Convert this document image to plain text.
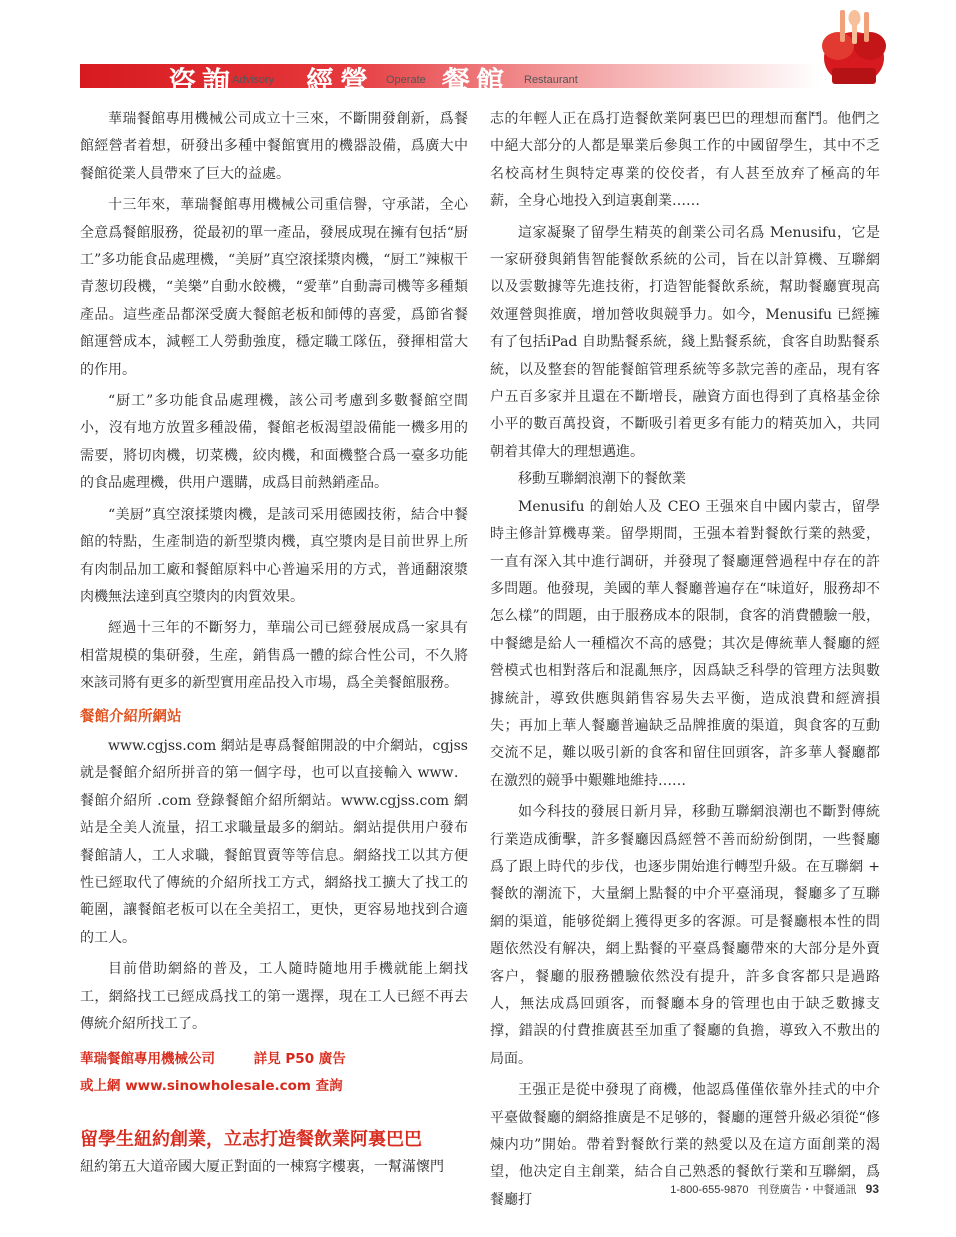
咨詢
Advisory 經營 Operate 餐館 Restaurant

華瑞餐館專用機械公司成立十三來，不斷開發創新，爲餐館經營者着想，研發出多種中餐館實用的機器設備，爲廣大中餐館從業人員帶來了巨大的益處。

十三年來，華瑞餐館專用機械公司重信譽，守承諾，全心全意爲餐館服務，從最初的單一產品，發展成現在擁有包括“厨工”多功能食品處理機，“美厨”真空滾揉漿肉機，“厨工”辣椒干青葱切段機，“美樂”自動水餃機，“愛華”自動壽司機等多種類產品。這些產品都深受廣大餐館老板和師傅的喜愛，爲節省餐館運營成本，減輕工人勞動強度，穩定職工隊伍，發揮相當大的作用。

“厨工”多功能食品處理機，該公司考慮到多數餐館空間小，沒有地方放置多種設備，餐館老板渴望設備能一機多用的需要，將切肉機，切菜機，絞肉機，和面機整合爲一臺多功能的食品處理機，供用户選購，成爲目前熱銷產品。

“美厨”真空滾揉漿肉機，是該司采用德國技術，結合中餐館的特點，生產制造的新型漿肉機，真空漿肉是目前世界上所有肉制品加工廠和餐館原料中心普遍采用的方式，普通翻滾漿肉機無法達到真空漿肉的肉質效果。

經過十三年的不斷努力，華瑞公司已經發展成爲一家具有相當規模的集研發，生産，銷售爲一體的綜合性公司，不久將來該司將有更多的新型實用産品投入市場，爲全美餐館服務。

餐館介紹所網站

www.cgjss.com 網站是專爲餐館開設的中介網站，cgjss就是餐館介紹所拼音的第一個字母，也可以直接輸入 www．餐館介紹所 .com 登錄餐館介紹所網站。www.cgjss.com 網站是全美人流量，招工求職量最多的網站。網站提供用户發布餐館請人，工人求職，餐館買賣等等信息。網絡找工以其方便性已經取代了傳統的介紹所找工方式，網絡找工擴大了找工的範圍，讓餐館老板可以在全美招工，更快，更容易地找到合適的工人。

目前借助網絡的普及，工人隨時隨地用手機就能上網找工，網絡找工已經成爲找工的第一選擇，現在工人已經不再去傳統介紹所找工了。

華瑞餐館專用機械公司	詳見 P50 廣告
或上網 www.sinowholesale.com 查詢
留學生紐約創業，立志打造餐飲業阿裏巴巴

紐約第五大道帝國大厦正對面的一棟寫字樓裏，一幫滿懷門

志的年輕人正在爲打造餐飲業阿裏巴巴的理想而奮鬥。他們之中絕大部分的人都是畢業后參與工作的中國留學生，其中不乏名校高材生與特定專業的佼佼者，有人甚至放弃了極高的年薪，全身心地投入到這裏創業……

這家凝聚了留學生精英的創業公司名爲 Menusifu，它是一家研發與銷售智能餐飲系統的公司，旨在以計算機、互聯網以及雲數據等先進技術，打造智能餐飲系統，幫助餐廳實現高效運營與推廣，增加營收與競爭力。如今，Menusifu 已經擁有了包括iPad 自助點餐系統，綫上點餐系統，食客自助點餐系統，以及整套的智能餐館管理系統等多款完善的產品，現有客户五百多家并且還在不斷增長，融資方面也得到了真格基金徐小平的數百萬投資，不斷吸引着更多有能力的精英加入，共同朝着其偉大的理想邁進。

移動互聯網浪潮下的餐飲業

Menusifu 的創始人及 CEO 王强來自中國内蒙古，留學時主修計算機專業。留學期間，王强本着對餐飲行業的熱愛，一直有深入其中進行調研，并發現了餐廳運營過程中存在的許多問題。他發現，美國的華人餐廳普遍存在“味道好，服務却不怎么樣”的問題，由于服務成本的限制，食客的消費體驗一般，中餐總是給人一種檔次不高的感覺；其次是傳統華人餐廳的經營模式也相對落后和混亂無序，因爲缺乏科學的管理方法與數據統計，導致供應與銷售容易失去平衡，造成浪費和經濟損失；再加上華人餐廳普遍缺乏品牌推廣的渠道，與食客的互動交流不足，難以吸引新的食客和留住回頭客，許多華人餐廳都在激烈的競爭中艱難地維持……

如今科技的發展日新月异，移動互聯網浪潮也不斷對傳統行業造成衝擊，許多餐廳因爲經營不善而紛紛倒閉，一些餐廳爲了跟上時代的步伐，也逐步開始進行轉型升級。在互聯網 + 餐飲的潮流下，大量網上點餐的中介平臺涌現，餐廳多了互聯網的渠道，能够從網上獲得更多的客源。可是餐廳根本性的問題依然没有解决，網上點餐的平臺爲餐廳帶來的大部分是外賣客户，餐廳的服務體驗依然没有提升，許多食客都只是過路人，無法成爲回頭客，而餐廳本身的管理也由于缺乏數據支撑，錯誤的付費推廣甚至加重了餐廳的負擔，導致入不敷出的局面。

王强正是從中發現了商機，他認爲僅僅依靠外挂式的中介平臺做餐廳的網絡推廣是不足够的，餐廳的運營升級必須從“修煉内功”開始。帶着對餐飲行業的熱愛以及在這方面創業的渴望，他决定自主創業，結合自己熟悉的餐飲行業和互聯網，爲餐廳打

1-800-655-9870 刊登廣告・中餐通訊 93
